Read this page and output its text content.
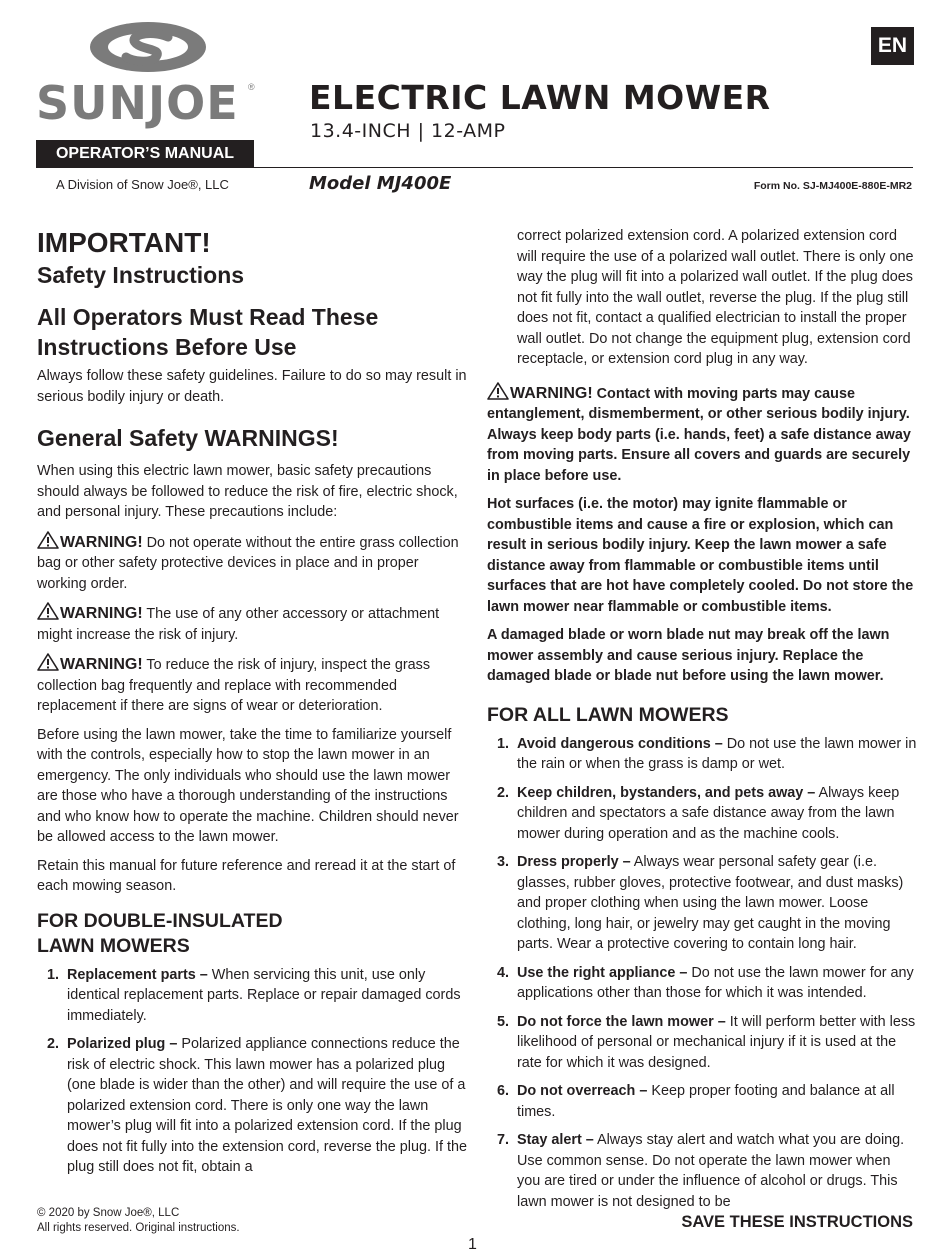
SUNJOE ®
OPERATOR’S MANUAL
A Division of Snow Joe®, LLC
ELECTRIC LAWN MOWER
13.4-INCH | 12-AMP
Model MJ400E	Form No. SJ-MJ400E-880E-MR2
EN
IMPORTANT!
Safety Instructions
All Operators Must Read These Instructions Before Use

Always follow these safety guidelines. Failure to do so may result in serious bodily injury or death.

General Safety WARNINGS!

When using this electric lawn mower, basic safety precautions should always be followed to reduce the risk of fire, electric shock, and personal injury. These precautions include:

WARNING! Do not operate without the entire grass collection bag or other safety protective devices in place and in proper working order.

WARNING! The use of any other accessory or attachment might increase the risk of injury.

WARNING! To reduce the risk of injury, inspect the grass collection bag frequently and replace with recommended replacement if there are signs of wear or deterioration.

Before using the lawn mower, take the time to familiarize yourself with the controls, especially how to stop the lawn mower in an emergency. The only individuals who should use the lawn mower are those who have a thorough understanding of the instructions and who know how to operate the machine. Children should never be allowed access to the lawn mower.

Retain this manual for future reference and reread it at the start of each mowing season.

FOR DOUBLE-INSULATED
LAWN MOWERS
1. Replacement parts – When servicing this unit, use only identical replacement parts. Replace or repair damaged cords immediately.
2. Polarized plug – Polarized appliance connections reduce the risk of electric shock. This lawn mower has a polarized plug (one blade is wider than the other) and will require the use of a polarized extension cord. There is only one way the lawn mower’s plug will fit into a polarized extension cord. If the plug does not fit fully into the extension cord, reverse the plug. If the plug still does not fit, obtain a

correct polarized extension cord. A polarized extension cord will require the use of a polarized wall outlet. There is only one way the plug will fit into a polarized wall outlet. If the plug does not fit fully into the wall outlet, reverse the plug. If the plug still does not fit, contact a qualified electrician to install the proper wall outlet. Do not change the equipment plug, extension cord receptacle, or extension cord plug in any way.

WARNING! Contact with moving parts may cause entanglement, dismemberment, or other serious bodily injury. Always keep body parts (i.e. hands, feet) a safe distance away from moving parts. Ensure all covers and guards are securely in place before use.

Hot surfaces (i.e. the motor) may ignite flammable or combustible items and cause a fire or explosion, which can result in serious bodily injury. Keep the lawn mower a safe distance away from flammable or combustible items until surfaces that are hot have completely cooled. Do not store the lawn mower near flammable or combustible items.

A damaged blade or worn blade nut may break off the lawn mower assembly and cause serious injury. Replace the damaged blade or blade nut before using the lawn mower.

FOR ALL LAWN MOWERS
1. Avoid dangerous conditions – Do not use the lawn mower in the rain or when the grass is damp or wet.
2. Keep children, bystanders, and pets away – Always keep children and spectators a safe distance away from the lawn mower during operation and as the machine cools.
3. Dress properly – Always wear personal safety gear (i.e. glasses, rubber gloves, protective footwear, and dust masks) and proper clothing when using the lawn mower. Loose clothing, long hair, or jewelry may get caught in the moving parts. Wear a protective covering to contain long hair.
4. Use the right appliance – Do not use the lawn mower for any applications other than those for which it was intended.
5. Do not force the lawn mower – It will perform better with less likelihood of personal or mechanical injury if it is used at the rate for which it was designed.
6. Do not overreach – Keep proper footing and balance at all times.
7. Stay alert – Always stay alert and watch what you are doing. Use common sense. Do not operate the lawn mower when you are tired or under the influence of alcohol or drugs. This lawn mower is not designed to be
© 2020 by Snow Joe®, LLC
All rights reserved. Original instructions.	SAVE THESE INSTRUCTIONS
1
